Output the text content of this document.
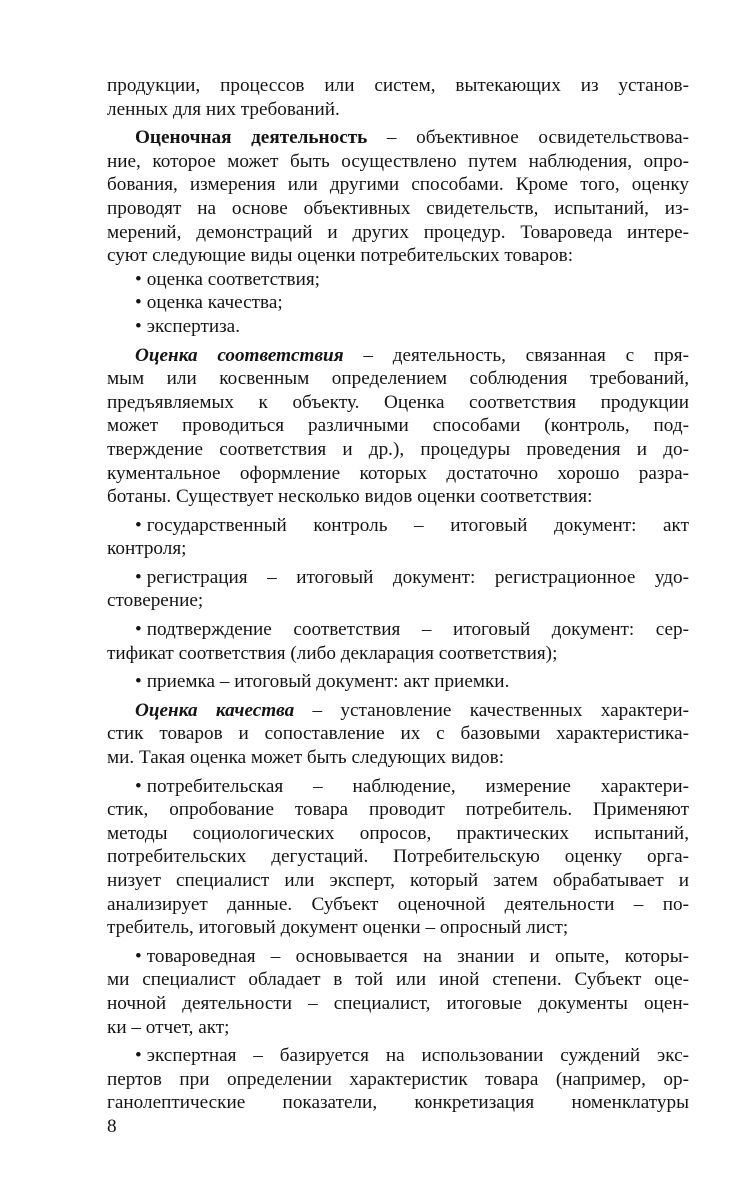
продукции, процессов или систем, вытекающих из установ-
ленных для них требований.
Оценочная деятельность – объективное освидетельствова-
ние, которое может быть осуществлено путем наблюдения, опро-
бования, измерения или другими способами. Кроме того, оценку
проводят на основе объективных свидетельств, испытаний, из-
мерений, демонстраций и других процедур. Товароведа интере-
суют следующие виды оценки потребительских товаров:
• оценка соответствия;
• оценка качества;
• экспертиза.
Оценка соответствия – деятельность, связанная с пря-
мым или косвенным определением соблюдения требований,
предъявляемых к объекту. Оценка соответствия продукции
может проводиться различными способами (контроль, под-
тверждение соответствия и др.), процедуры проведения и до-
кументальное оформление которых достаточно хорошо разра-
ботаны. Существует несколько видов оценки соответствия:
• государственный контроль – итоговый документ: акт
контроля;
• регистрация – итоговый документ: регистрационное удо-
стоверение;
• подтверждение соответствия – итоговый документ: сер-
тификат соответствия (либо декларация соответствия);
• приемка – итоговый документ: акт приемки.
Оценка качества – установление качественных характери-
стик товаров и сопоставление их с базовыми характеристика-
ми. Такая оценка может быть следующих видов:
• потребительская – наблюдение, измерение характери-
стик, опробование товара проводит потребитель. Применяют
методы социологических опросов, практических испытаний,
потребительских дегустаций. Потребительскую оценку орга-
низует специалист или эксперт, который затем обрабатывает и
анализирует данные. Субъект оценочной деятельности – по-
требитель, итоговый документ оценки – опросный лист;
• товароведная – основывается на знании и опыте, которы-
ми специалист обладает в той или иной степени. Субъект оце-
ночной деятельности – специалист, итоговые документы оцен-
ки – отчет, акт;
• экспертная – базируется на использовании суждений экс-
пертов при определении характеристик товара (например, ор-
ганолептические показатели, конкретизация номенклатуры
8
